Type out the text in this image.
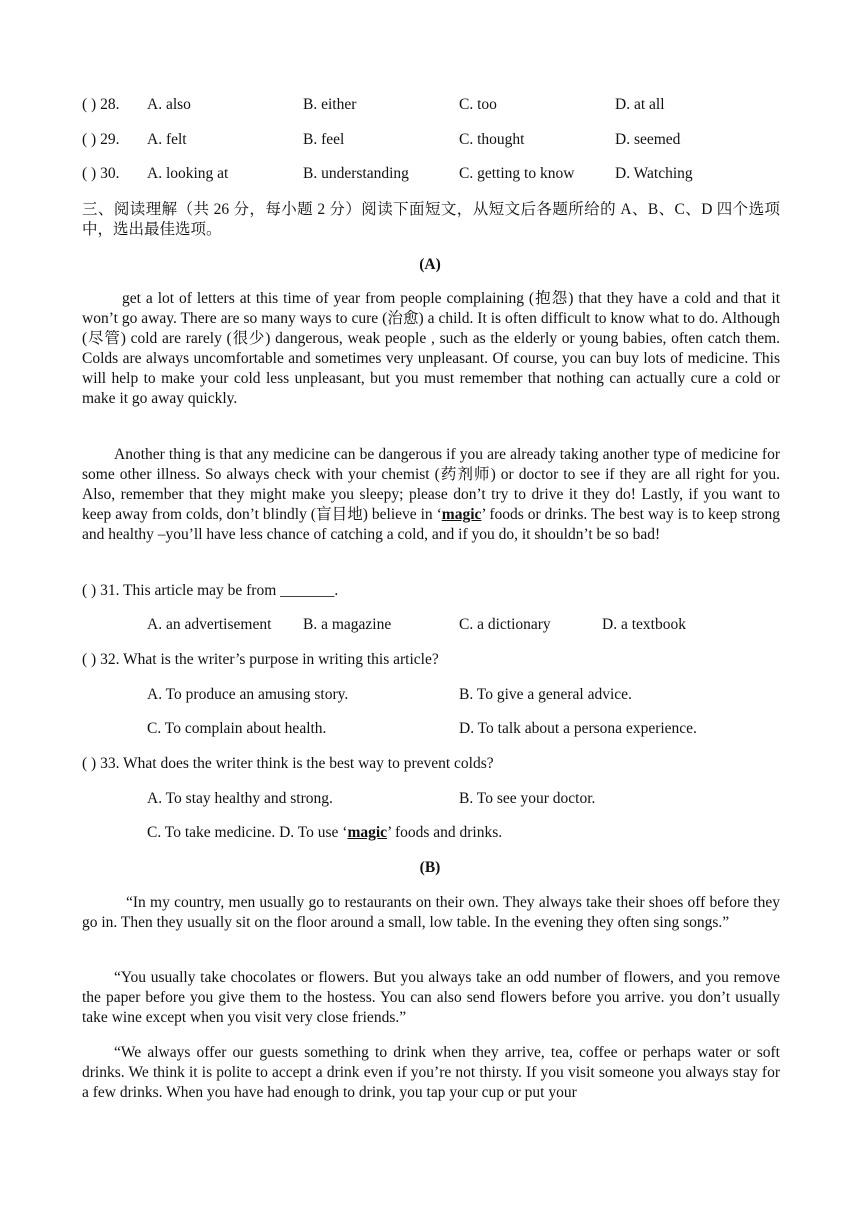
( ) 28. A. also	B. either	C. too	D. at all
( ) 29. A. felt	B. feel	C. thought	D. seemed
( ) 30. A. looking at	B. understanding	C. getting to know	D. Watching

三、阅读理解（共 26 分，每小题 2 分）阅读下面短文，从短文后各题所给的 A、B、C、D 四个选项中，选出最佳选项。

(A)

get a lot of letters at this time of year from people complaining (抱怨) that they have a cold and that it won’t go away. There are so many ways to cure (治愈) a child. It is often difficult to know what to do. Although (尽管) cold are rarely (很少) dangerous, weak people , such as the elderly or young babies, often catch them. Colds are always uncomfortable and sometimes very unpleasant. Of course, you can buy lots of medicine. This will help to make your cold less unpleasant, but you must remember that nothing can actually cure a cold or make it go away quickly.

Another thing is that any medicine can be dangerous if you are already taking another type of medicine for some other illness. So always check with your chemist (药剂师) or doctor to see if they are all right for you. Also, remember that they might make you sleepy; please don’t try to drive it they do! Lastly, if you want to keep away from colds, don’t blindly (盲目地) believe in ‘magic’ foods or drinks. The best way is to keep strong and healthy –you’ll have less chance of catching a cold, and if you do, it shouldn’t be so bad!

( ) 31. This article may be from _______.
A. an advertisement B. a magazine	C. a dictionary	D. a textbook
( ) 32. What is the writer’s purpose in writing this article?
A. To produce an amusing story.	B. To give a general advice.
C. To complain about health.	D. To talk about a persona experience.
( ) 33. What does the writer think is the best way to prevent colds?
A. To stay healthy and strong.	B. To see your doctor.
C. To take medicine. D. To use ‘magic’ foods and drinks.
(B)

“In my country, men usually go to restaurants on their own. They always take their shoes off before they go in. Then they usually sit on the floor around a small, low table. In the evening they often sing songs.”

“You usually take chocolates or flowers. But you always take an odd number of flowers, and you remove the paper before you give them to the hostess. You can also send flowers before you arrive. you don’t usually take wine except when you visit very close friends.”

“We always offer our guests something to drink when they arrive, tea, coffee or perhaps water or soft drinks. We think it is polite to accept a drink even if you’re not thirsty. If you visit someone you always stay for a few drinks. When you have had enough to drink, you tap your cup or put your
